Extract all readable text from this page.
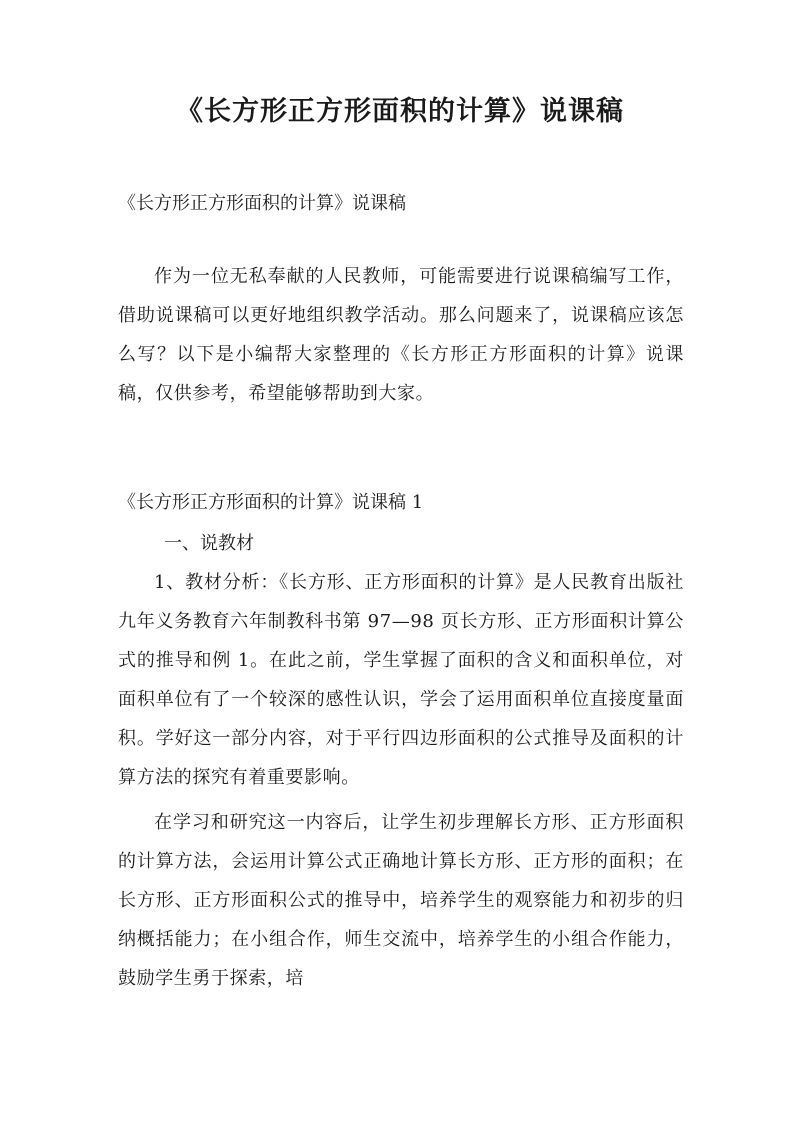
《长方形正方形面积的计算》说课稿

《长方形正方形面积的计算》说课稿

作为一位无私奉献的人民教师，可能需要进行说课稿编写工作，借助说课稿可以更好地组织教学活动。那么问题来了，说课稿应该怎么写？以下是小编帮大家整理的《长方形正方形面积的计算》说课稿，仅供参考，希望能够帮助到大家。

《长方形正方形面积的计算》说课稿 1

一、说教材

1、教材分析：《长方形、正方形面积的计算》是人民教育出版社九年义务教育六年制教科书第 97—98 页长方形、正方形面积计算公式的推导和例 1。在此之前，学生掌握了面积的含义和面积单位，对面积单位有了一个较深的感性认识，学会了运用面积单位直接度量面积。学好这一部分内容，对于平行四边形面积的公式推导及面积的计算方法的探究有着重要影响。

在学习和研究这一内容后，让学生初步理解长方形、正方形面积的计算方法，会运用计算公式正确地计算长方形、正方形的面积；在长方形、正方形面积公式的推导中，培养学生的观察能力和初步的归纳概括能力；在小组合作，师生交流中，培养学生的小组合作能力，鼓励学生勇于探索，培
